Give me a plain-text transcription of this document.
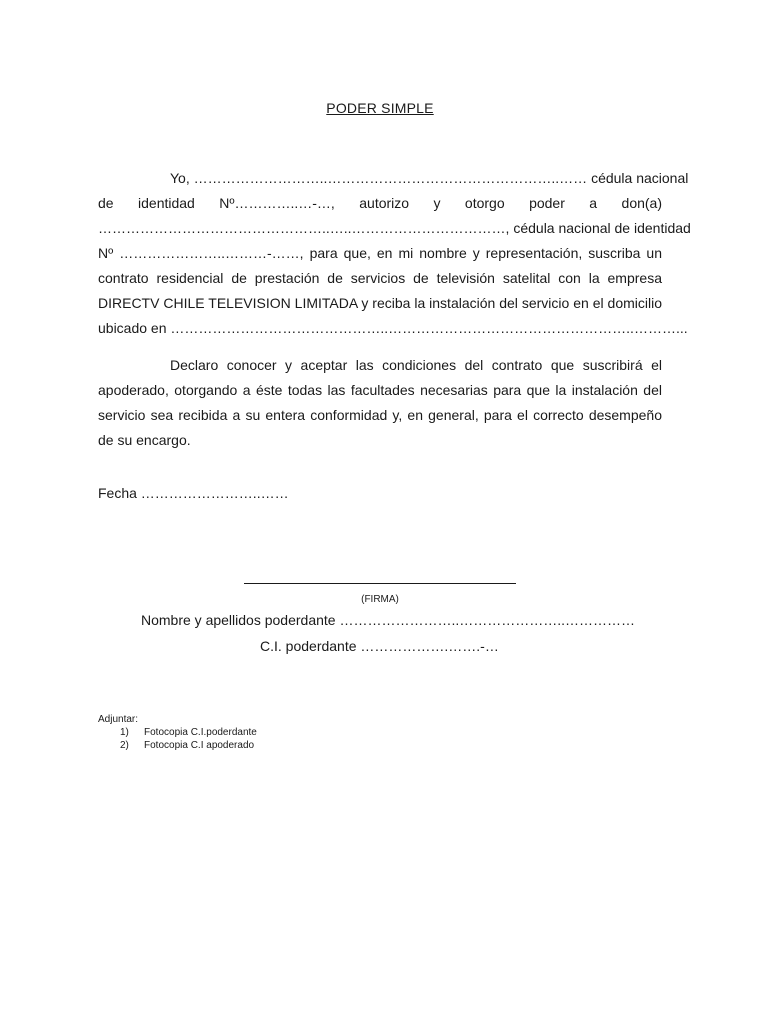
PODER SIMPLE
Yo, ………………………..…………………………………………..…… cédula nacional
de identidad Nº…………..…-…, autorizo y otorgo poder a don(a)
…………………………………………..…..……………………………, cédula nacional de identidad
Nº …………………..………-……, para que, en mi nombre y representación, suscriba un
contrato residencial de prestación de servicios de televisión satelital con la empresa
DIRECTV CHILE TELEVISION LIMITADA y reciba la instalación del servicio en el domicilio
ubicado en ………………………………………..……………………………………………..………...
Declaro conocer y aceptar las condiciones del contrato que suscribirá el
apoderado, otorgando a éste todas las facultades necesarias para que la instalación del servicio sea recibida a su entera conformidad y, en general, para el correcto desempeño de su encargo.
Fecha ……………………..……
(FIRMA)
Nombre y apellidos poderdante ……………………..…………………..……………
C.I. poderdante ……………….…….-…
Adjuntar:
1) Fotocopia C.I.poderdante
2) Fotocopia C.I apoderado
